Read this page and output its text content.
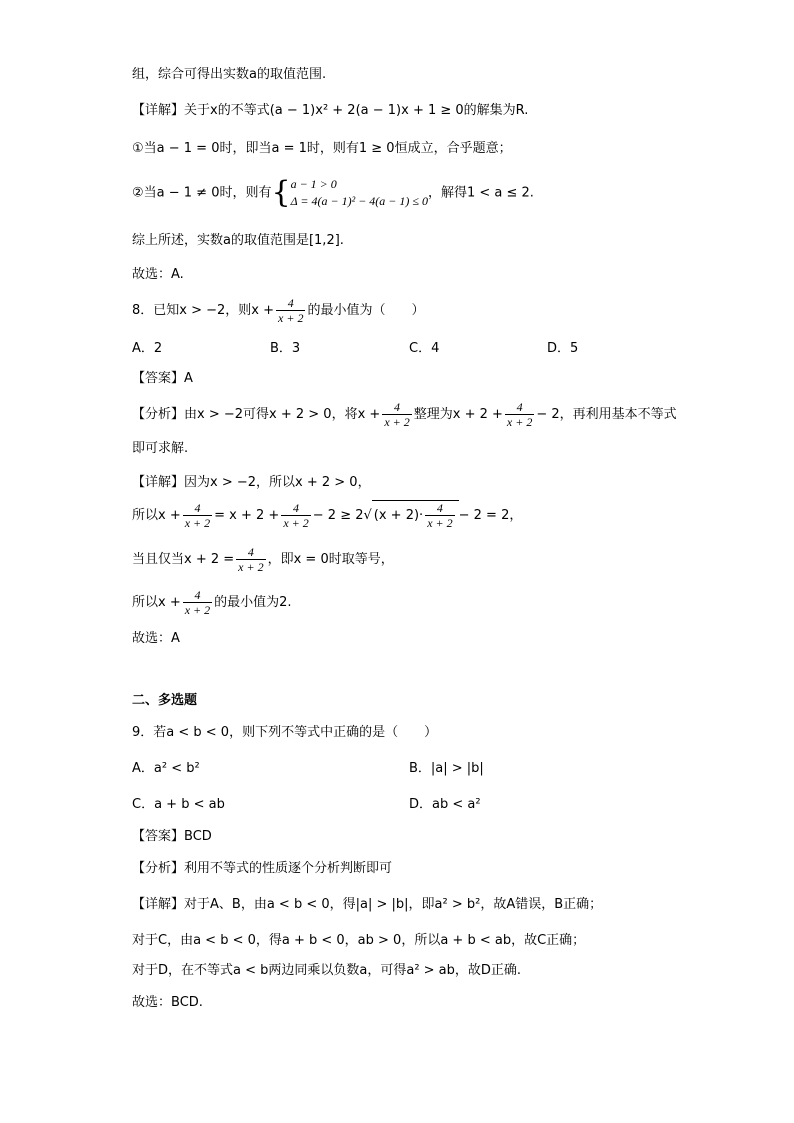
组，综合可得出实数a的取值范围.
【详解】关于x的不等式(a − 1)x² + 2(a − 1)x + 1 ≥ 0的解集为R.
①当a − 1 = 0时，即当a = 1时，则有1 ≥ 0恒成立，合乎题意；
②当a − 1 ≠ 0时，则有{ a − 1 > 0
Δ = 4(a − 1)² − 4(a − 1) ≤ 0
，解得1 < a ≤ 2.
综上所述，实数a的取值范围是[1,2].
故选：A.
8．已知x > −2，则$x + \frac{4}{x + 2}$ 的最小值为（　　）
A．2	B．3	C．4	D．5
【答案】A
【分析】由x > −2可得x + 2 > 0，将$x + \frac{4}{x + 2}$ 整理为$x + 2 + \frac{4}{x + 2} - 2$，再利用基本不等式
即可求解.
【详解】因为x > −2，所以x + 2 > 0，
所以$x + \frac{4}{x + 2} = x + 2 + \frac{4}{x + 2} - 2 \ge 2√$ $(x + 2)\cdot \frac{4}{x + 2} - 2 = 2$，
当且仅当$x + 2 = \frac{4}{x + 2}$ ，即x = 0时取等号，
所以$x + \frac{4}{x + 2}$ 的最小值为2.
故选：A
二、多选题
9．若a < b < 0，则下列不等式中正确的是（　　）
A．a² < b²	B．|a| > |b|
C．a + b < ab	D．ab < a²
【答案】BCD
【分析】利用不等式的性质逐个分析判断即可
【详解】对于A、B，由a < b < 0，得|a| > |b|，即a² > b²，故A错误，B正确；
对于C，由a < b < 0，得a + b < 0，ab > 0，所以a + b < ab，故C正确；
对于D，在不等式a < b两边同乘以负数a，可得a² > ab，故D正确.
故选：BCD.
